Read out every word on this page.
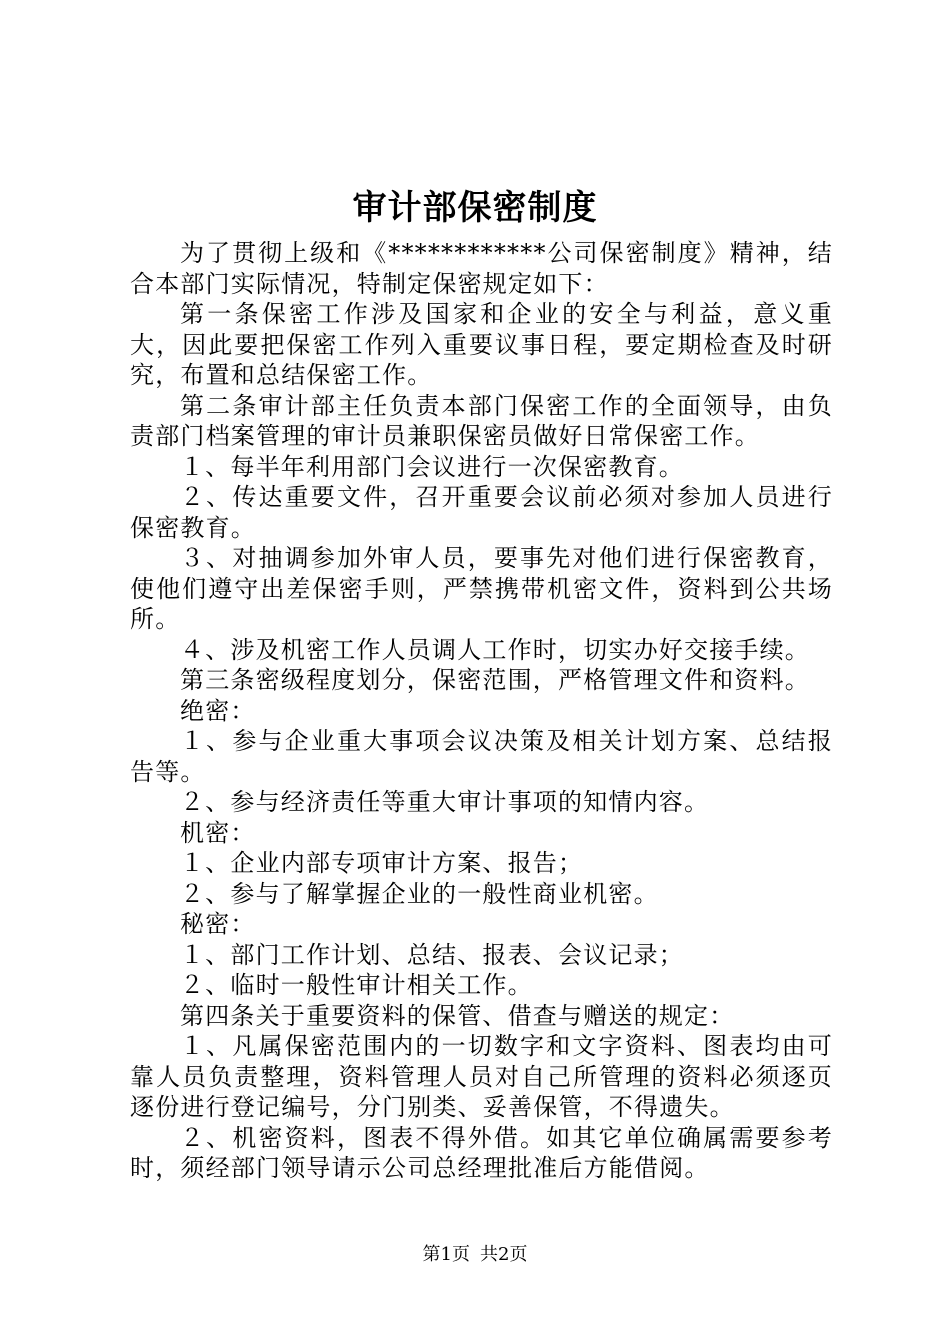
审计部保密制度

为了贯彻上级和《************公司保密制度》精神，结合本部门实际情况，特制定保密规定如下：

第一条保密工作涉及国家和企业的安全与利益，意义重大，因此要把保密工作列入重要议事日程，要定期检查及时研究，布置和总结保密工作。

第二条审计部主任负责本部门保密工作的全面领导，由负责部门档案管理的审计员兼职保密员做好日常保密工作。

１、每半年利用部门会议进行一次保密教育。

２、传达重要文件，召开重要会议前必须对参加人员进行保密教育。

３、对抽调参加外审人员，要事先对他们进行保密教育，使他们遵守出差保密手则，严禁携带机密文件，资料到公共场所。

４、涉及机密工作人员调人工作时，切实办好交接手续。

第三条密级程度划分，保密范围，严格管理文件和资料。

绝密：

１、参与企业重大事项会议决策及相关计划方案、总结报告等。

２、参与经济责任等重大审计事项的知情内容。

机密：

１、企业内部专项审计方案、报告；

２、参与了解掌握企业的一般性商业机密。

秘密：

１、部门工作计划、总结、报表、会议记录；

２、临时一般性审计相关工作。

第四条关于重要资料的保管、借查与赠送的规定：

１、凡属保密范围内的一切数字和文字资料、图表均由可靠人员负责整理，资料管理人员对自己所管理的资料必须逐页逐份进行登记编号，分门别类、妥善保管，不得遗失。

２、机密资料，图表不得外借。如其它单位确属需要参考时，须经部门领导请示公司总经理批准后方能借阅。

第1页 共2页
